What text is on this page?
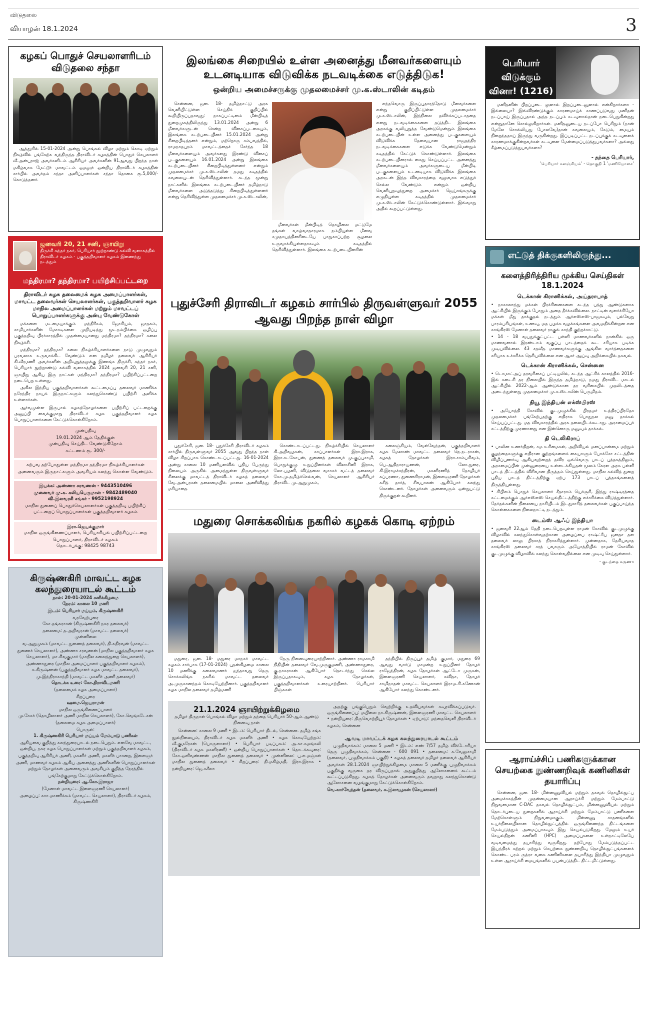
விடுதலை
வியாழன் 18.1.2024	3
கழகப் பொதுச் செயலாளரிடம் விடுதலை சந்தா

ஆத்தூரில் 15-01-2024 அன்று பொங்கல் விழா மற்றும் கொடி ஏற்றும் நிகழ்வில் பங்கேற்க வந்திருந்த திராவிடர் கழகத்தின் பொதுச் செயலாளர் வீ.அன்புராஜ் அவர்களிடம் ஆசிரியர் அவர்களின் 91ஆவது பிறந்த நாள் மகிழ்வாக மேட்டூர் மாவட்டம் ஓமலூர் ஒன்றிய திராவிடர் கழகத்தின் சார்பில் அவர்தம் சந்தா அளிப்பாளர்கள் சந்தா தொகை ரூ.5,000/- கொடுத்தனர்.

ஜனவரி 20, 21 சனி, ஞாயிறு
திருச்சி சுந்தர் நகர், பெரியார் நூற்றாண்டு கல்வி வளாகத்தில் திராவிடர் கழகம் - பகுத்தறிவாளர் கழகம் இணைந்து நடத்தும்
மந்திரமா? தந்திரமா? பயிற்சிப்பட்டறை
திராவிடர் கழக தலைமைக் கழக அமைப்பாளர்கள், மாவட்ட தலைவர்கள் செயலாளர்கள், பகுத்தறிவாளர் கழக மாநில அமைப்பாளர்கள் மற்றும் மாவட்டப் பொறுப்பாளர்களுக்கு அன்பு வேண்டுகோள்

மக்களை மடமையாக்கும் மந்திரீகம், ஜோசியம், ஜாதகம், சாமியார்களின் மோசடிகளை முறியடித்து மூடநம்பிக்கை ஒழிப்பு பகுத்தறிவு பிரச்சாரத்தில் முதன்மையானது மந்திரமா? தந்திரமா? கலை நிகழ்ச்சி.

மந்திரமா? தந்திரமா? கலை நிகழ்ச்சியாளர்களை நாடு முழுவதும் பரவலாக உருவாக்கிட வேண்டும் என தமிழர் தலைவர் ஆசிரியர் கி.வீரமணி அவர்களின் அறிவுறுத்தலுக்கு இணங்க திருச்சி, சுந்தர் நகர், பெரியார் நூற்றாண்டு கல்வி வளாகத்தில் 2024 ஜனவரி 20, 21 சனி, ஞாயிறு ஆகிய இரு நாட்கள் மந்திரமா? தந்திரமா? பயிற்சிப்பட்டறை நடைபெற உள்ளது.

அகில இந்திய பகுத்தறிவாளர்கள் கூட்டமைப்பு தலைவர் மாணிக்க நரேந்திர நாயக் இருநாட்களும் கலந்துகொண்டு பயிற்சி அளிக்க உள்ளார்கள்.

ஆர்வமுள்ள இருபால் கழகத்தோழர்களை பயிற்சிப் பட்டறைக்கு அனுப்பி வைக்குமாறு திராவிடர் கழக பகுத்தறிவாளர் கழக பொறுப்பாளர்களை கேட்டுக்கொள்கிறோம்.

முன்பதிவு
19.01.2024 ஆம் தேதிக்குள்
முன்பதிவு செய்திட வேண்டுகிறோம்
கட்டணம் ரூ. 300/-
கற்பவ தற்போதுள்ள மந்திரமா தந்திரமா நிகழ்ச்சியாளர்கள் அனைவரும் இருநாட்களும் அவசியம் கலந்து கொள்ள வேண்டும்.
இயக்க: அண்ணா சரவணன் - 9443510496
முனைவர் மு.க. கலியபெருமாள் - 9842489040
வி.இளவரசி சங்கர் - 9952198924
மாநில துணைப் பொதுச்செயலாளர்கள் பகுத்தறிவு பயிற்சிப் பட்டறைப் பொறுப்பாளர்கள் பகுத்தறிவாளர் கழகம்
இரா.ஜெயக்குமார்
மாநில ஒருங்கிணைப்பாளர், பெரியாரியல் பயிற்சிப்பட்டறை பொறுப்பாளர், திராவிடர் கழகம்
தொடர்புக்கு: 98425 98743
கிருஷ்ணகிரி மாவட்ட கழக கலந்துரையாடல் கூட்டம்
நாள்: 20-01-2024 சனிக்கிழமை
நேரம்: காலை 10 மணி
இடம்: பெரியார் மய்யம், கிருஷ்ணகிரி
வரவேற்புரை
கோ.தங்கராசன் (கிருஷ்ணகிரி நகர தலைவர்)
தலைமை: த.அறிவரசன் (மாவட்ட தலைவர்)
முன்னிலை
வ.ஆறுமுகம் (மாவட்ட துணைத் தலைவர்), தி.கதிரவன் (மாவட்ட துணைச் செயலாளர்), அண்ணா சரவணன் (மாநில பகுத்தறிவாளர் கழக செயலாளர்), மா.சிவகுமார் (மாநில கலைத்துறை செயலாளர்), அண்ணாதுரை (மாநில அமைப்பாளர் பகுத்தறிவாளர் கழகம்), க.கிருஷ்ணன் (பகுத்தறிவாளர் கழக மாவட்ட தலைவர்), மு.இந்திராகாந்தி (மாவட்ட மகளிர் அணி தலைவர்)
தொடக்க உரை: கோ.திராவிடமணி
(தலைமைக் கழக அமைப்பாளர்)
சிறப்புரை
ஊமை.ஜெயராமன்
மாநில ஒருங்கிணைப்பாளர்
மு.சேகர் (தொழிலாளர் அணி மாநில செயலாளர்), கோ.வெங்கடேசன் (தலைமை கழக அமைப்பாளர்)
பொருள்:
1. கிருஷ்ணகிரி பெரியார் மய்யம் மேம்பாடு பணிகள்
ஆகியவை குறித்து கலந்துரையாடல் நடைபெறும். எனவே மாவட்ட, ஒன்றிய, நகர கழக பொறுப்பாளர்கள் மற்றும் பகுத்தறிவாளர் கழகம், பகுத்தறிவு ஆசிரியர் அணி, மகளிர் அணி, மகளிர் பாசறை, இளைஞர் அணி, மாணவர் கழகம் ஆகிய அனைத்து அணிகளின் பொறுப்பாளர்கள் மற்றும் தோழர்கள் அனைவரும் அவசியம் குறித்த நேரத்தில் பங்கேற்குமாறு கேட்டுக்கொள்கிறோம்.
நன்றியுரை: ஆ.கோ.இராஜா
(மேனாள் மாவட்ட இளைஞரணி செயலாளர்)
அழைப்பு: காா.மாணிக்கம் (மாவட்ட செயலாளர்), திராவிடர் கழகம், கிருஷ்ணகிரி
இலங்கை சிறையில் உள்ள அனைத்து மீனவர்களையும் உடனடியாக விடுவிக்க நடவடிக்கை எடுத்திடுக!
ஒன்றிய அமைச்சருக்கு முதலமைச்சர் மு.க.ஸ்டாலின் கடிதம்

சென்னை, ஜன. 18- தமிழ்நாட்டு அரசு வெளியிட்டுள்ள செய்திக் குறிப்பில் கூறியிருப்பதாவது: நாகப்பட்டினம் மீன்பிடித் துறைமுகத்திலிருந்து 13.01.2024 அன்று 6 மீனவர்களுடன் சென்ற விசைப்படகையும், இலங்கை கடற்படையினர் 15.01.2024 அன்று சிறைபிடித்தனர் என்றும், மற்றொரு சம்பவத்தில், ராமநாதபுரம் மாவட்டத்தைச் சேர்ந்த 18 மீனவர்களையும் அவர்களது இரண்டு விசைப் படகுகளையும் 16.01.2024 அன்று இலங்கை கடற்படையினர் சிறைபிடித்துள்ளனர் என்றும் முதலமைச்சர் மு.க.ஸ்டாலின் தமது கடிதத்தில் கவலையுடன் தெரிவித்துள்ளார். கடந்த மூன்று நாட்களில் இலங்கை கடற்படையினர் தமிழ்நாடு மீனவர்களை அடுத்தடுத்து சிறைபிடித்துள்ளனர் என்று தெரிவித்துள்ள முதலமைச்சர் மு.க.ஸ்டாலின்,

மீனவர்கள் மீன்பிடித் தொழிலை மட்டுமே தங்கள் வாழ்வாதாரமாக நம்பியுள்ள மீனவ சமுதாயத்தினரிடையே பாதுகாப்பற்ற சூழலை உருவாக்கியுள்ளதாகவும் கடிதத்தில் தெரிவித்துள்ளார். இலங்கை கடற்படையினரின்

எந்தவொரு இருப்புதாரத்தோடு மீனவர்களை என்று குறிப்பிட்டுள்ள முதலமைச்சர் மு.க.ஸ்டாலின், இந்நிலை தவிர்க்கப்படாததை எனது நடவடிக்கைகளை தடுத்திட இலங்கை அரசுக்கு வலியுறுத்த வேண்டுமென்றும் இலங்கை கடற்படையின் உள்ள அனைத்து படகுகளையும் விடுவிக்க தேவையான ராஜதந்திர நடவடிக்கைகளை எடுக்க வேண்டுமென்றும் கடிதத்தில் கேட்டுக் கொண்டுள்ளார். இலங்கை கடற்படையினரால் கைது செய்யப்பட்ட அனைத்து மீனவர்களையும் அவர்களுடைய மீன்பிடி படகுகளையும் உடனடியாக விடுவிக்க இலங்கை அரசுடன் இந்த விவகாரத்தை வலுவாக எடுத்துச் செல்ல வேண்டும் என்றும் ஒன்றிய வெளியுறவுத்துறை அமைச்சர் ஜெய்சங்கருக்கு எழுதியுள்ள கடிதத்தில் முதலமைச்சர் மு.க.ஸ்டாலின் கேட்டுக்கொண்டுள்ளார். இவ்வாறு அதில் கூறப்பட்டுள்ளது.

புதுச்சேரி திராவிடர் கழகம் சார்பில் திருவள்ளுவர் 2055 ஆவது பிறந்த நாள் விழா

புதுச்சேரி, ஜன. 18- புதுச்சேரி திராவிடர் கழகம் சார்பில் திருவள்ளுவர் 2055 ஆவது பிறந்த நாள் விழா சிறப்பாக கொண்டாடப்பட்டது. 16-01-2024 அன்று காலை 10 மணியளவில் புதிய பேருந்து நிலையம் அருகில் அமைந்துள்ள திருவள்ளுவர் சிலைக்கு மாவட்டத் திராவிடர் கழகத் தலைவர் வே.அன்பரசன் தலைமையில் மாலை அணிவித்து மரியாதை

கொண்டாடப்பட்டது. நிகழ்ச்சியில் செயலாளர் கி.அறிவழகன், காப்பாளர்கள் இரா.இராசு, இரா.சடகோபன், துணைத் தலைவர் மு.குப்புசாமி, பொதுக்குழு உறுப்பினர்கள் விலாசினி இராசு, லோ.பழனி, விடுதலை வாசகர் வட்டத் தலைவர் கோ.மு.தமிழ்ச்செல்வன், செயலாளர் ஆசிரியர் திராவிட மு.ஆறுமுகம்,

கலைஞ்சியம், வேள்வேந்தன், பகுத்தறிவாளர் கழக மேலாண் மாவட்ட தலைவர் நெ.நடராசன், கழகத் தோழர்கள் இரா.சாம்பசிவம், பெ.ஆதிநாராயணன், லோ.துரை, கி.இராமச்சந்திரன், மகளிரணித் தோழியர் சுப்பரணா, துணைசிராமன், இளைஞரணி தோழர்கள் சுசித் தார்த், சிவபாலன் ஆகியோர் கலந்து கொண்டனர். தோழர்கள் அனைவரும் ஒன்றுபட்டு திருக்குறள் கூறினர்.

மதுரை சொக்கலிங்க நகரில் கழகக் கொடி ஏற்றம்

மதுரை, ஜன. 18- மதுரை மாநகர் மாவட்ட கழகம் சார்பாக (17-01-2024) புதன்கிழமை காலை 10 மணிக்கு கலைவாணர் ஐந்தாவது தெரு சொக்கலிங்க நகரில் மாவட்ட தலைவர் அ.முருகானந்தம் கொடியேற்றினார். பகுத்தறிவாளர் கழக மாநில தலைவர் தமிழ்மணி

நேரு நினைவுரையாற்றினார். அண்ணா ராமசாமி நிதியின் தலைவர் வே.முருகுமணி, அண்ணாதுரை, கு.நாகராசன் ஆகியோர் தொடர்ந்து செல்ல இருப்பதாகவும், கழக தோழர்கள், பகுத்தறிவாளர்கள் உரையாற்றினர். பெரியார் பிஞ்சுகள்

தந்தியில் திருப்பூர் தமிழ் குமார், மதுரை 69 ஆவது வார்டு மாமன்ற உறுப்பினர் தோழர் ராஜேந்திரன், கழக தோழர்கள் ஆட்டோ முருகன், இளைஞரணி செயலாளர், கவிதா, தோழர் சாமிநாதன் மாவட்ட செயலாளர் இராம.சி.கணேசன் ஆகியோர் கலந்து கொண்டனர்.

21.1.2024 ஞாயிற்றுக்கிழமை
தமிழர் திருநாள் பொங்கல் விழா மற்றும் தந்தை பெரியார் 50-ஆம் ஆண்டு நினைவு நாள்

சென்னை: காலை 9 மணி • இடம்: பெரியார் திடல், சென்னை. தமிழ் சங்க நூல்நிலையம், திராவிடர் கழக மகளிர் அணி • கழக கொடியேற்றம்: வீ.குமரேசன் (பொருளாளர்) • பெரியார் படிப்பகம்: அ.கா.சுமங்கலி (திராவிடர் கழக மகளிரணி) • ஒன்றிய பொறுப்பாளர்கள் • தொடக்கவுரை: கோ.ஒளிவண்ணன் மாநில துணைத் தலைவர் • முன்னிலை: பு.எ.மஞ்சள் மாநில துணைத் தலைவர் • சிறப்புரை: தி.மகிழ்மதி, இரா.இராசு • நன்றியுரை: ஜெ.சுசீலா

அதற்கு பங்குபெறும் வெற்றிக்கு உதவியவர்கள் கவுரவிக்கப்படுவர். ஒருங்கிணைப்பு: மயிலை நா.கிருஷ்ணன், இளைஞரணி மாவட்ட செயலாளர் • நன்றியுரை: திருவொற்றியூர் தோழர்கள் • ஏற்பாடு: மந்தைவெளி திராவிடர் கழகம், சென்னை

ஆவடி மாவட்டக் கழக கலந்துரையாடல் கூட்டம்

புழுதிவாக்கம்: மாலை 5 மணி • இடம்: எண் 7/57 தமிழ் விக்டோரியா தெரு புழுதிவாக்கம், சென்னை - 600 091 • தலைமை: க.வேலுசாமி (தலைவர், புழுதிவாக்கம் பகுதி) • கழகத் தலைவர் தமிழர் தலைவர் ஆசிரியர் அவர்கள் 28.1.2024 ஞாயிற்றுக்கிழமை மாலை 5 மணிக்கு புழுதிவாக்கம் பகுதிக்கு வருகை தர விருப்பதால் அதுகுறித்து ஆலோசனைக் கூட்டம் கூட்டப்படுகிறது. கழகத் தோழர்கள் அனைவரும் தவறாது கலந்துகொண்டு ஆலோசனை வழங்குமாறு கேட்டுக்கொள்கிறோம்.

வெ.கார்வேந்தன் (தலைவர், சு.இளவழகன் (செயலாளர்)
பெரியார் விடுக்கும் வினா! (1216)

மனிதனின் பிறப்புடை லுளால் இறப்புடைனுளால் என்கிறார்களா - இல்லையா? இவ்விரண்டுக்கும் காரணமாய்க் காணப்படுவது மனிதன் நடப்பாய் இருப்பதால் அந்த நடப்பும் கடவுளால்தான் நடைபெறுகின்றது என்றுதானே சொல்லுகிறார்கள். மனிதனுடைய நடப்போ பெரிதும் (நான் மேலே சொல்லியது போலவே)தான் கவலையும், கேடும், மையும் நிறைந்ததாய் இருந்து வருகின்றது. இப்படிப்பட்ட நடப்புக்குக் கடவுளைக் காரணமாக்குகின்றவர்கள் கடவுளை மேன்மைப்படுத்துபவர்களா? அல்லது கீழ்மைப்படுத்துபவர்களா?

- தந்தை பெரியார்,
'பெரியார் களஞ்சியம்' - தொகுதி 1 'மணியோசை'
எட்டுத் திக்குகளிலிருந்து...
களைத்திரித்திரிய முக்கிய செய்திகள்
18.1.2024
டெக்கான் கிரானிக்கல், அய்தராபாத்

• நாகாலாந்து மக்கள் பிரச்சினைகளை கடந்த பத்து ஆண்டுகளாக ஆட்சியில் இருக்கும் போதும் அதை தீர்க்கவில்லை. நாட்டின் வளர்ச்சியோ மக்கள் மீது தாக்குதல் நடத்தும் ஆர்எஸ்எஸ்-பாஜகவும், பல்வேறு பாரம்பரியங்கள், உணவு, மத பழக்க வழக்கங்களை அவமதிக்கின்றன என காங்கிரஸ் மேனாள் தலைவர் ராகுல் காந்தி குற்றச்சாட்டு.

• 14 - 18 வயதுக்குட்பட்ட பள்ளி மாணவர்களில் நான்கில் ஒரு மாணவனால் இரண்டாம் வகுப்பு பாடத்தைக் கூட சரியாக படிக்க முடியவில்லை. 43 சதவீத மாணவர்களுக்கு ஆங்கில வார்த்தைகளை சரியாக உச்சரிக்க தெரியவில்லை என ஆசர் ஆய்வு அறிக்கையில் தகவல்.

டெக்கான் கிரானிக்கல், சென்னை

• டொமாட்அப் தரவரிசைப் பட்டியலில், கடந்த ஆட்சிக் காலத்தில் 2016-இல் கடைசி தர நிலையில் இருந்த தமிழ்நாடு, நமது திராவிட மாடல் ஆட்சியில் 2022-ஆம் ஆண்டுக்கான தர வரிசையில் முதலிடத்தை அடைந்துள்ளது முதலமைச்சர் மு.க.ஸ்டாலின் பெருமிதம்.

நியூ இந்தியன் எக்ஸ்பிரஸ்

• அயோத்தி கோவில் குடமுழுக்கில் பிரதமர் உத்திரப்பிரதேச முதலமைச்சர் பங்கேற்பதற்கு எதிராக பொதுநல மனு தாக்கல் செய்யப்பட்டது. மத விவகாரத்தில் அரசு தலையிடக்கூடாது. அரசமைப்புச் சட்டத்திற்கு முரணானது என இன்னொரு மனுவும் தாக்கல்.

தி டெலிகிராப்

• பாலின உணர்திறன், சம உரிமைகள், அறிவியல் மனப்பான்மை மற்றும் குழந்தைகளுக்கு எதிரான குற்றங்களைக் கையாளும் போக்சோ சட்டத்தின் விழிப்புணர்வு ஆகியவற்றைத் தவிர ஒவ்வொரு பாடப் புத்தகத்திலும், அரசமைப்பின் முன்னுரையை உள்ளடக்கியதன் மூலம் கேரள அரசு பள்ளி பாடத் திட்டத்தில் விரிவான திருத்தம் செய்துள்ளது. மாநில கல்வித் துறை புதிய பாடத் திட்டத்திற்கு ஏற்ப 173 பாடப் புத்தகங்களைத் திருத்தியுள்ளது.

• சிபிஎம் பொதுச் செயலாளர் சீதாராம் யெச்சூரி, இந்து ராஷ்டிரத்தை கட்டமைக்கும் ஆர்எஸ்எஸ் செயல்திட்டத்திற்கு எச்சரிக்கை விடுத்துள்ளார். தேர்தல்களின் நிலையை நாசியிடம் இடதுசாரித் தலைவர்கள் பகுப்பாய்ந்த கொள்கைகளை நிலைநாட்டி நடத்தும்.

டைம்ஸ் ஆஃப் இந்தியா

• ஜனவரி 22ஆம் தேதி நடைபெறவுள்ள ராமன் கோவில் குடமுழுக்கு விழாவில் கலந்துகொள்வதற்கான அழைப்பை ராஷ்ட்ரீய ஜனதா தள தலைவர் லாலு பிரசாத் நிராகரித்துள்ளார். முன்னதாக, தேசியவாத காங்கிரஸ் தலைவர் சரத் பவாரும் அயோத்தியில் ராமன் கோவில் குடமுழுக்கு விழாவில் கலந்து கொள்வதில்லை என முடிவு செய்துள்ளார்.

- குடந்தை கருணா
ஆராய்ச்சிப் பணிகளுக்கான செயற்கை நுண்ணறிவுக் கணினிகள் தயாரிப்பு

சென்னை, ஜன. 18- மின்னணுவியல் மற்றும் தகவல் தொழில்நுட்ப அமைச்சகத்தின் முதன்மையான ஆராய்ச்சி மற்றும் மேம்பாட்டு நிறுவனமான C-DAC தகவல் தொழில்நுட்பம், மின்னணுவியல் மற்றும் தொடர்புடைய துறைகளில் ஆராய்ச்சி மற்றும் மேம்பாட்டு பணிகளை மேற்கொள்ளும் நிறுவனமாகும். மின்னணு சாதனங்களில் உயர்நிலையிலான தொழில்நுட்பத்தில் ஒருங்கிணைந்த திட்டங்களை மேம்படுத்தும் அமைப்பாகவும் இது செயல்படுகிறது. மேலும் உயர் செயல்திறன் கணினி (HPC) அமைப்புகளை உள்நாட்டிலேயே வடிவமைத்து தயாரித்து வருகிறது. தற்போது மேம்படுத்தப்பட்ட இயந்திரக் கற்றல் மற்றும் செயற்கை நுண்ணறிவு தொழில்நுட்பங்களைக் கொண்ட பரம் ருத்ரா வகை கணினிகளை தயாரித்து இந்தியா முழுவதும் உள்ள ஆராய்ச்சி மையங்களில் பயன்படுத்திட திட்டமிட்டுள்ளது.
